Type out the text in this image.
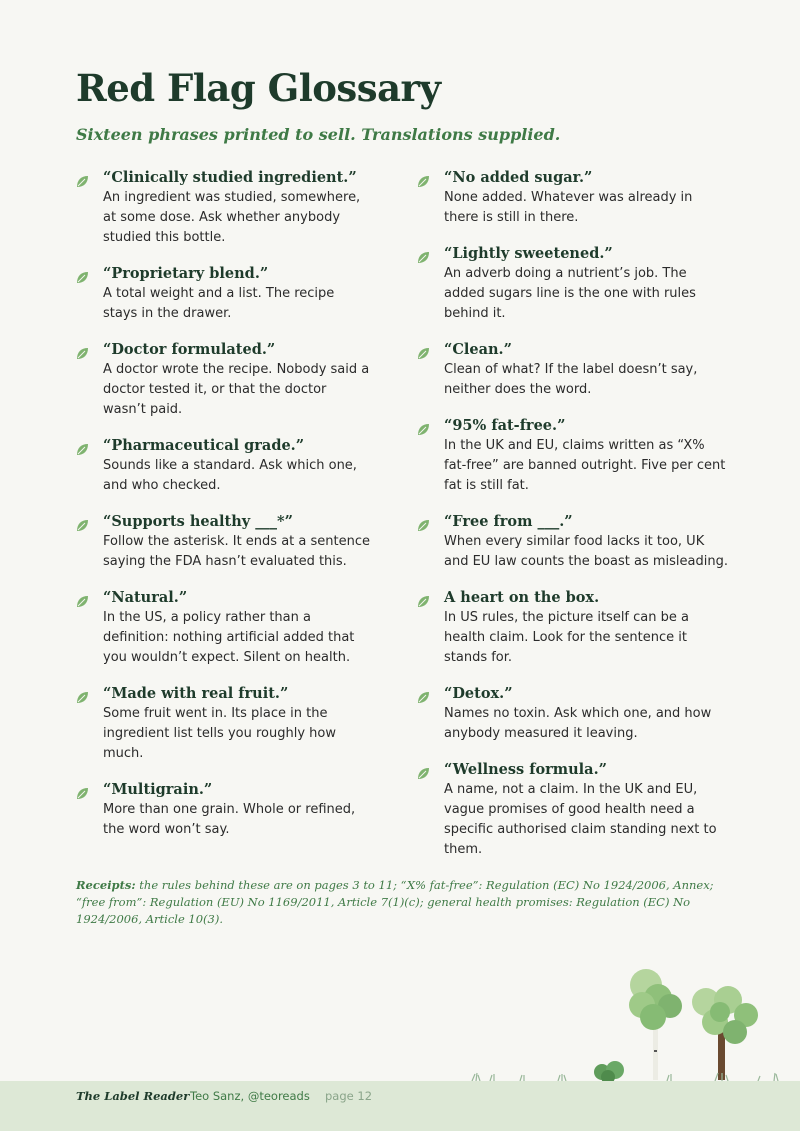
Red Flag Glossary

Sixteen phrases printed to sell. Translations supplied.

“Clinically studied ingredient.”
An ingredient was studied, somewhere, at some dose. Ask whether anybody studied this bottle.
“Proprietary blend.”
A total weight and a list. The recipe stays in the drawer.
“Doctor formulated.”
A doctor wrote the recipe. Nobody said a doctor tested it, or that the doctor wasn’t paid.
“Pharmaceutical grade.”
Sounds like a standard. Ask which one, and who checked.
“Supports healthy ___*”
Follow the asterisk. It ends at a sentence saying the FDA hasn’t evaluated this.
“Natural.”
In the US, a policy rather than a definition: nothing artificial added that you wouldn’t expect. Silent on health.
“Made with real fruit.”
Some fruit went in. Its place in the ingredient list tells you roughly how much.
“Multigrain.”
More than one grain. Whole or refined, the word won’t say.
“No added sugar.”
None added. Whatever was already in there is still in there.
“Lightly sweetened.”
An adverb doing a nutrient’s job. The added sugars line is the one with rules behind it.
“Clean.”
Clean of what? If the label doesn’t say, neither does the word.
“95% fat-free.”
In the UK and EU, claims written as “X% fat-free” are banned outright. Five per cent fat is still fat.
“Free from ___.”
When every similar food lacks it too, UK and EU law counts the boast as misleading.
A heart on the box.
In US rules, the picture itself can be a health claim. Look for the sentence it stands for.
“Detox.”
Names no toxin. Ask which one, and how anybody measured it leaving.
“Wellness formula.”
A name, not a claim. In the UK and EU, vague promises of good health need a specific authorised claim standing next to them.

Receipts: the rules behind these are on pages 3 to 11; “X% fat-free”: Regulation (EC) No 1924/2006, Annex; “free from”: Regulation (EU) No 1169/2011, Article 7(1)(c); general health promises: Regulation (EC) No 1924/2006, Article 10(3).

The Label Reader Teo Sanz, @teoreads page 12
